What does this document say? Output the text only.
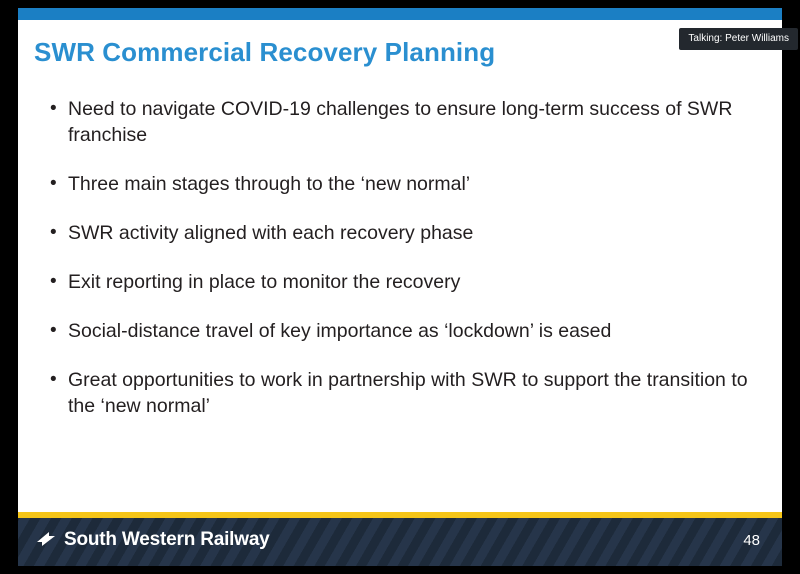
SWR Commercial Recovery Planning
• Need to navigate COVID-19 challenges to ensure long-term success of SWR franchise
• Three main stages through to the ‘new normal’
• SWR activity aligned with each recovery phase
• Exit reporting in place to monitor the recovery
• Social-distance travel of key importance as ‘lockdown’ is eased
• Great opportunities to work in partnership with SWR to support the transition to the ‘new normal’
South Western Railway	48
Talking: Peter Williams
